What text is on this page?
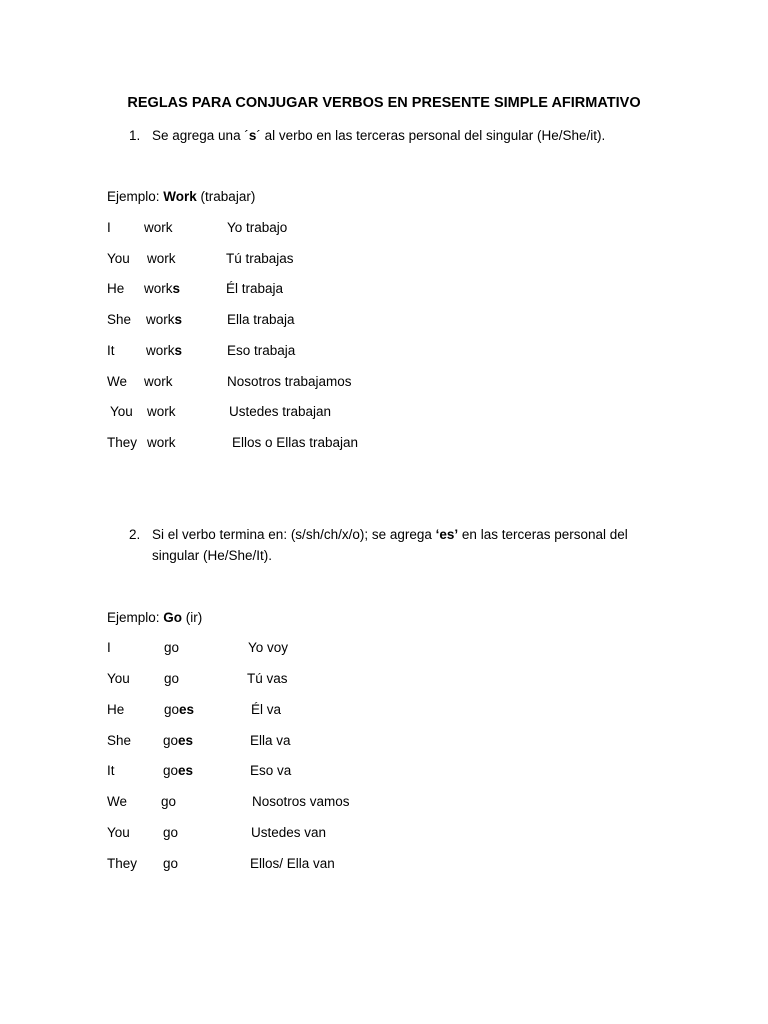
REGLAS PARA CONJUGAR VERBOS EN PRESENTE SIMPLE AFIRMATIVO
1. Se agrega una ´s´ al verbo en las terceras personal del singular (He/She/it).
Ejemplo: Work (trabajar)
I work	Yo trabajo
You work	Tú trabajas
He works	Él trabaja
She works	Ella trabaja
It works	Eso trabaja
We work	Nosotros trabajamos
You work	Ustedes trabajan
They work	Ellos o Ellas trabajan
2. Si el verbo termina en: (s/sh/ch/x/o); se agrega ‘es’ en las terceras personal del
singular (He/She/It).
Ejemplo: Go (ir)
I	go	Yo voy
You	go	Tú vas
He	goes	Él va
She goes	Ella va
It	goes	Eso va
We	go	Nosotros vamos
You go	Ustedes van
They go	Ellos/ Ella van
